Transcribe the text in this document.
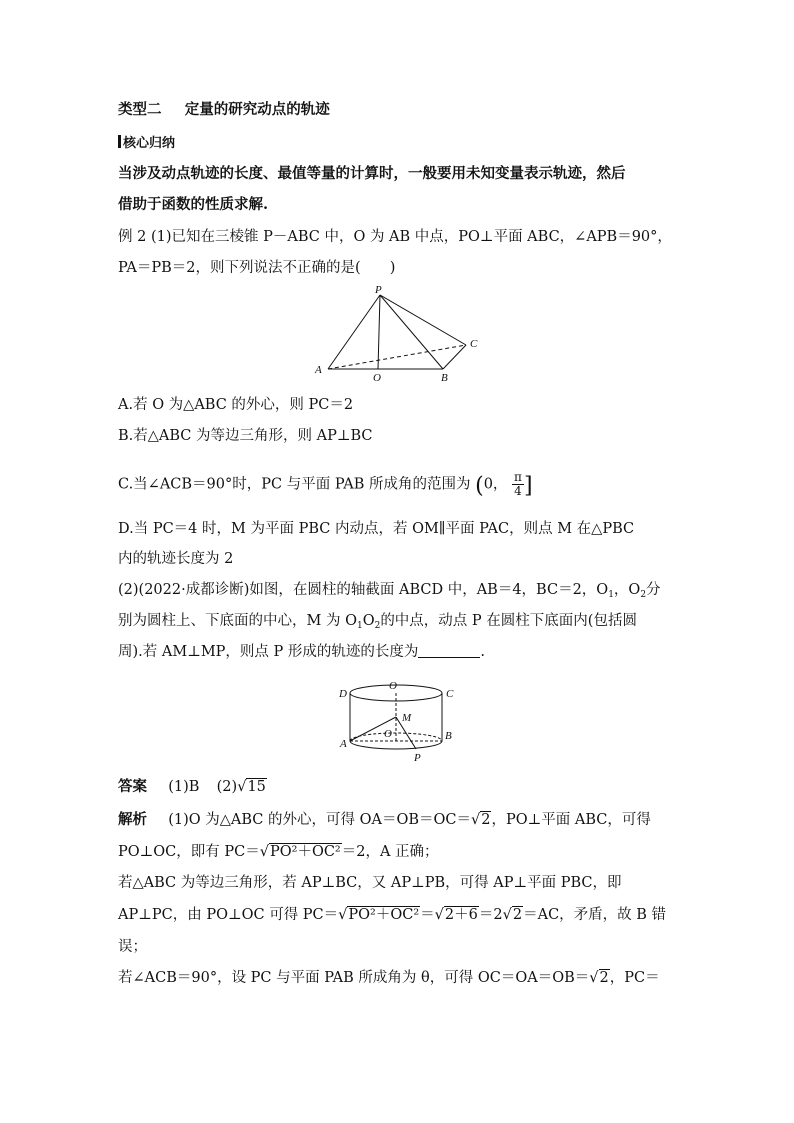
类型二 定量的研究动点的轨迹
核心归纳
当涉及动点轨迹的长度、最值等量的计算时，一般要用未知变量表示轨迹，然后
借助于函数的性质求解.
例 2 (1)已知在三棱锥 P－ABC 中，O 为 AB 中点，PO⊥平面 ABC，∠APB＝90°，
PA＝PB＝2，则下列说法不正确的是(　　)
P
A
O	B
C
A.若 O 为△ABC 的外心，则 PC＝2
B.若△ABC 为等边三角形，则 AP⊥BC
C.当∠ACB＝90°时，PC 与平面 PAB 所成角的范围为 (0， $\frac{\pi}{4}$ ]
D.当 PC＝4 时，M 为平面 PBC 内动点，若 OM∥平面 PAC，则点 M 在△PBC
内的轨迹长度为 2
(2)(2022·成都诊断)如图，在圆柱的轴截面 ABCD 中，AB＝4，BC＝2，$O_1$，$O_2$分
别为圆柱上、下底面的中心，M 为 $O_1O_2$的中点，动点 P 在圆柱下底面内(包括圆
周).若 AM⊥MP，则点 P 形成的轨迹的长度为	.
D	C
O
M
O
A
B
P
答案 (1)B (2)√15
解析 (1)O 为△ABC 的外心，可得 OA＝OB＝OC＝√2，PO⊥平面 ABC，可得
PO⊥OC，即有 PC＝√PO²＋OC²＝2，A 正确；
若△ABC 为等边三角形，若 AP⊥BC，又 AP⊥PB，可得 AP⊥平面 PBC，即
AP⊥PC，由 PO⊥OC 可得 PC＝√PO²＋OC²＝√2＋6＝2√2＝AC，矛盾，故 B 错
误；
若∠ACB＝90°，设 PC 与平面 PAB 所成角为 θ，可得 OC＝OA＝OB＝√2，PC＝
